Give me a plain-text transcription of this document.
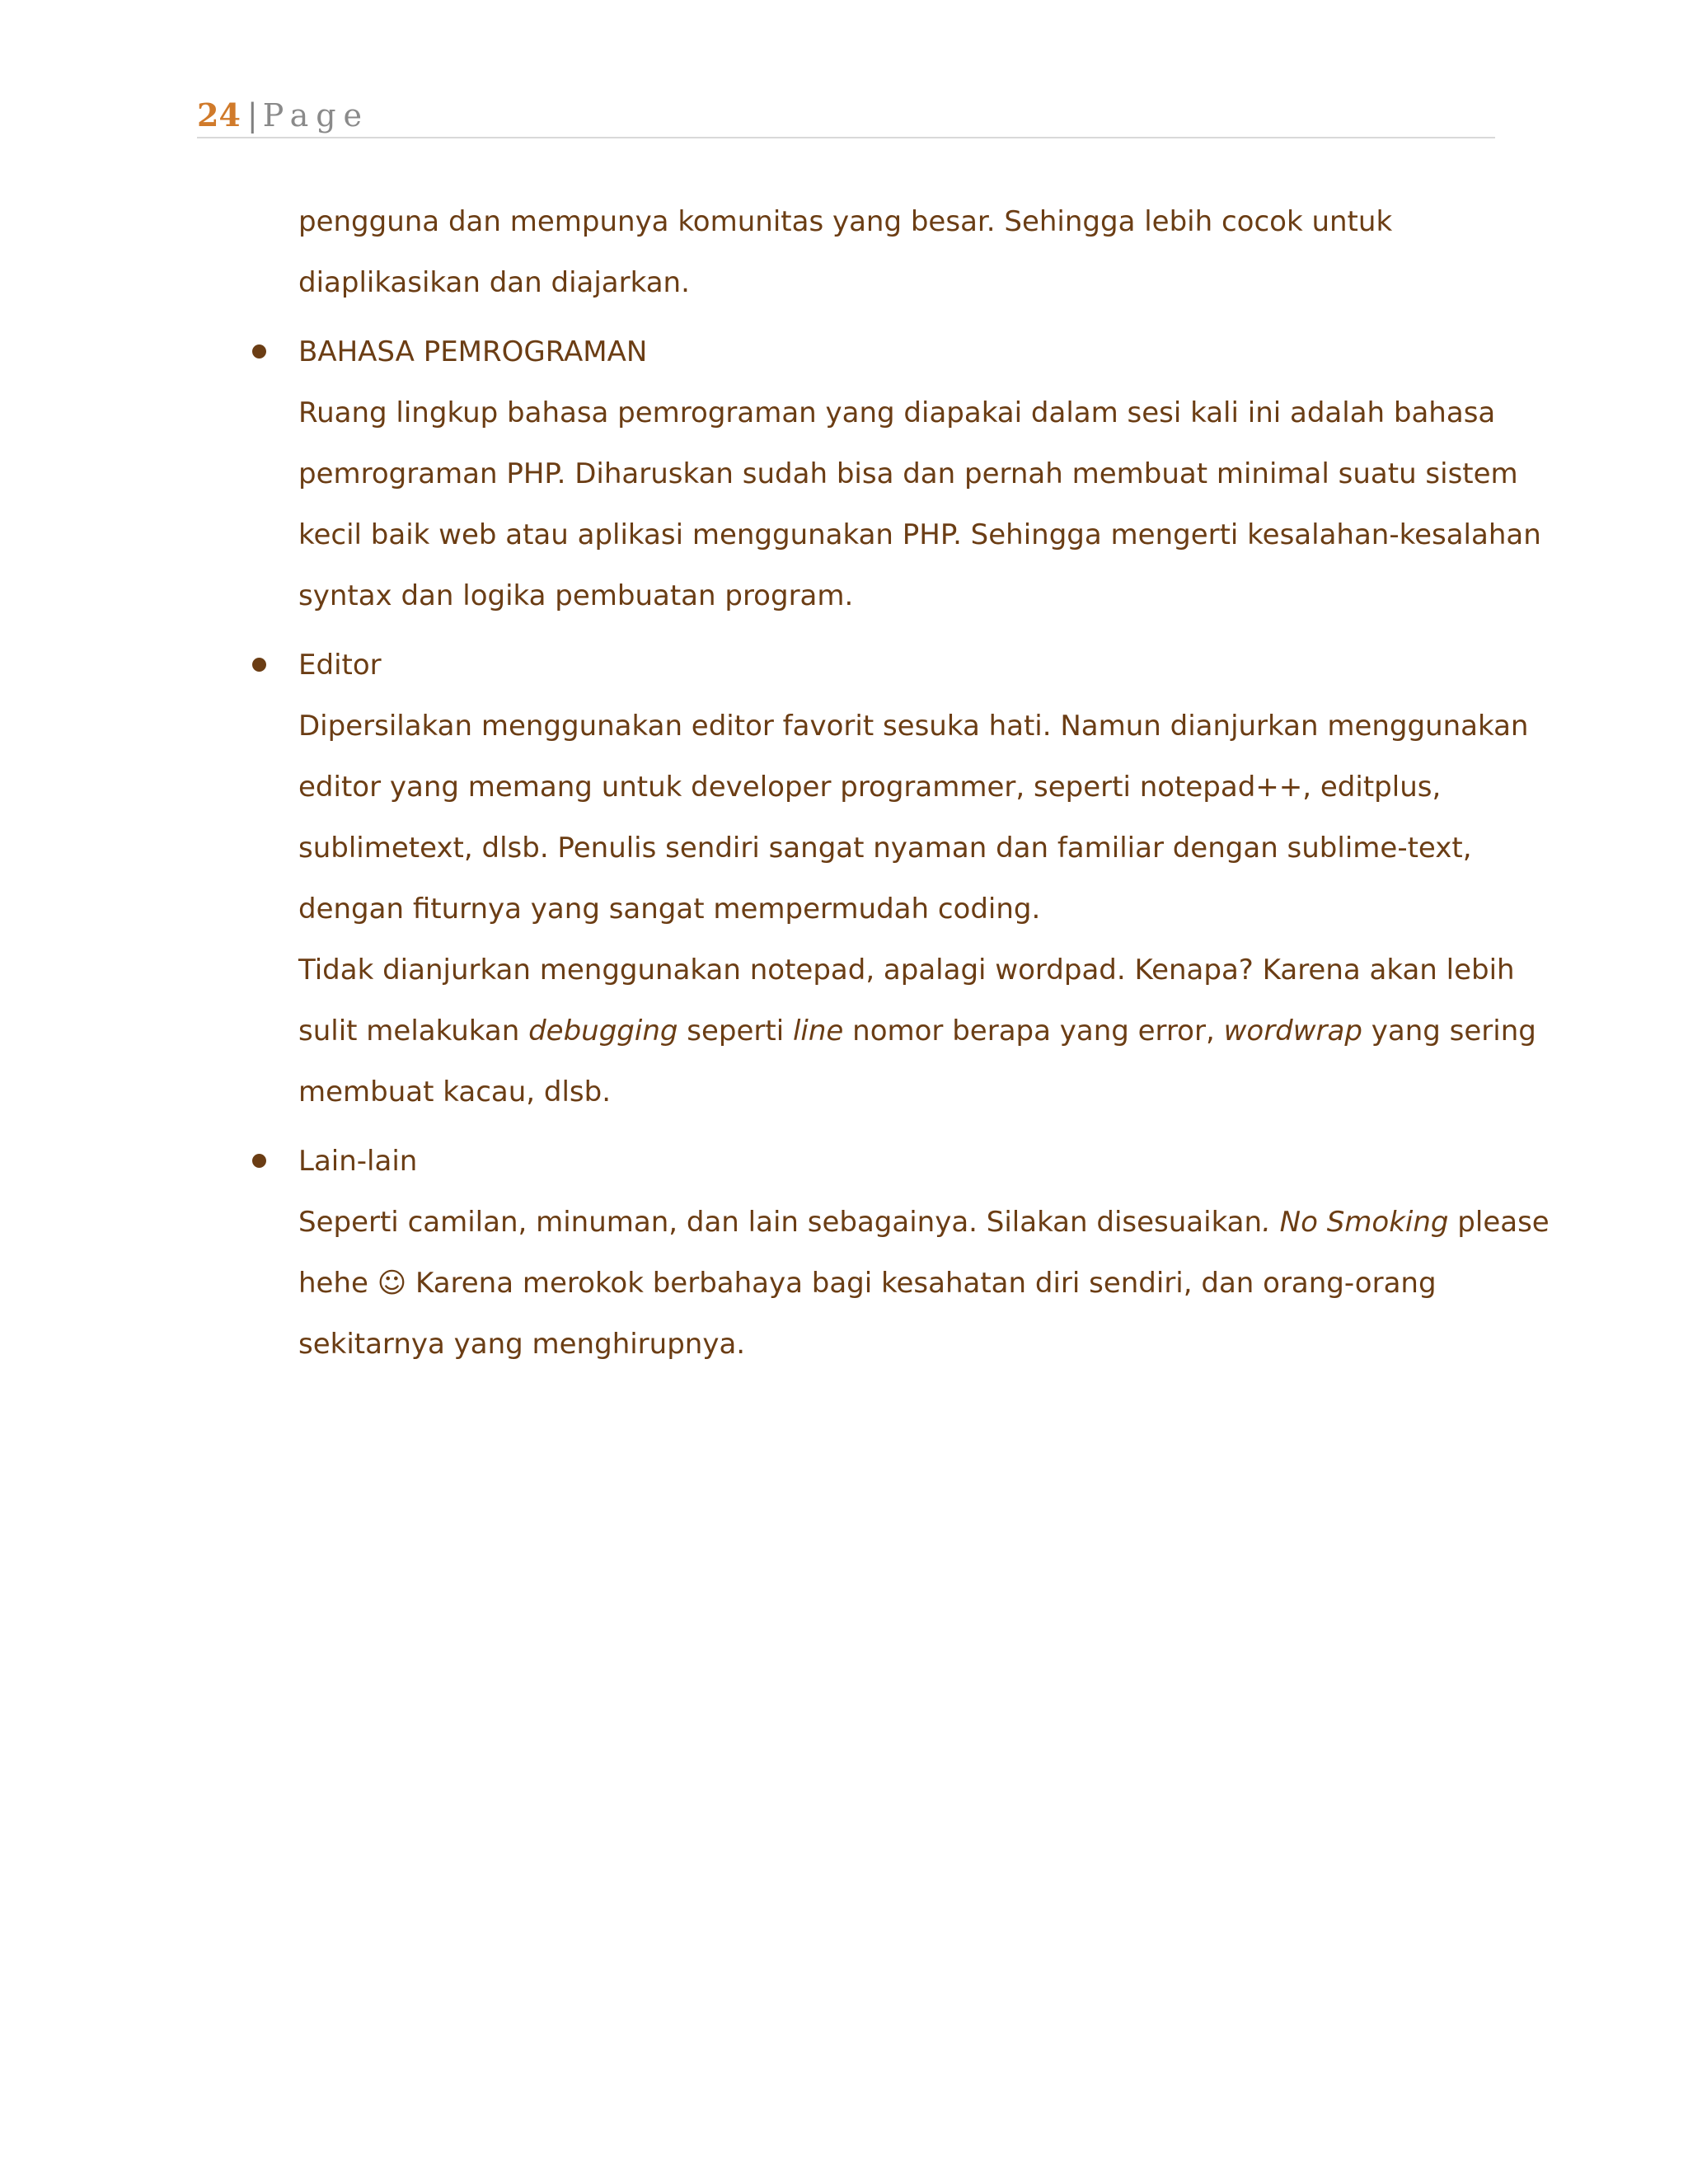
24 | Page

pengguna dan mempunya komunitas yang besar. Sehingga lebih cocok untuk
diaplikasikan dan diajarkan.

BAHASA PEMROGRAMAN

Ruang lingkup bahasa pemrograman yang diapakai dalam sesi kali ini adalah bahasa
pemrograman PHP. Diharuskan sudah bisa dan pernah membuat minimal suatu sistem
kecil baik web atau aplikasi menggunakan PHP. Sehingga mengerti kesalahan-kesalahan
syntax dan logika pembuatan program.

Editor

Dipersilakan menggunakan editor favorit sesuka hati. Namun dianjurkan menggunakan
editor yang memang untuk developer programmer, seperti notepad++, editplus,
sublimetext, dlsb. Penulis sendiri sangat nyaman dan familiar dengan sublime-text,
dengan fiturnya yang sangat mempermudah coding.
Tidak dianjurkan menggunakan notepad, apalagi wordpad. Kenapa? Karena akan lebih
sulit melakukan debugging seperti line nomor berapa yang error, wordwrap yang sering
membuat kacau, dlsb.

Lain-lain

Seperti camilan, minuman, dan lain sebagainya. Silakan disesuaikan. No Smoking please
hehe ☺ Karena merokok berbahaya bagi kesahatan diri sendiri, dan orang-orang
sekitarnya yang menghirupnya.
